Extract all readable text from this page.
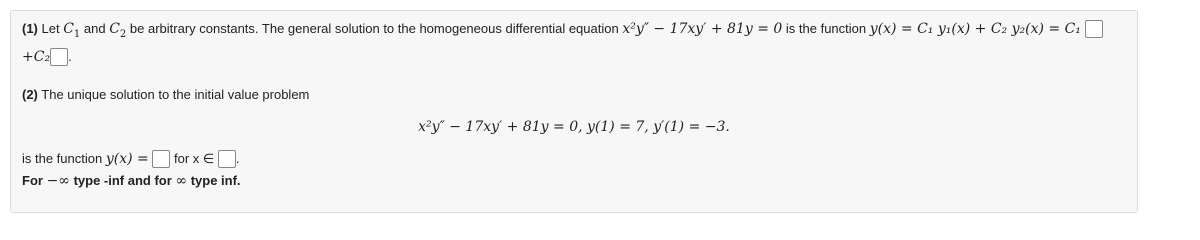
(1) Let $C_1$ and $C_2$ be arbitrary constants. The general solution to the homogeneous differential equation x²y″ − 17xy′ + 81y = 0 is the function y(x) = C₁ y₁(x) + C₂ y₂(x) = C₁
+C₂ .
(2) The unique solution to the initial value problem
x²y″ − 17xy′ + 81y = 0, y(1) = 7, y′(1) = −3.
is the function y(x) =  for x ∈ .
For −∞ type -inf and for ∞ type inf.
